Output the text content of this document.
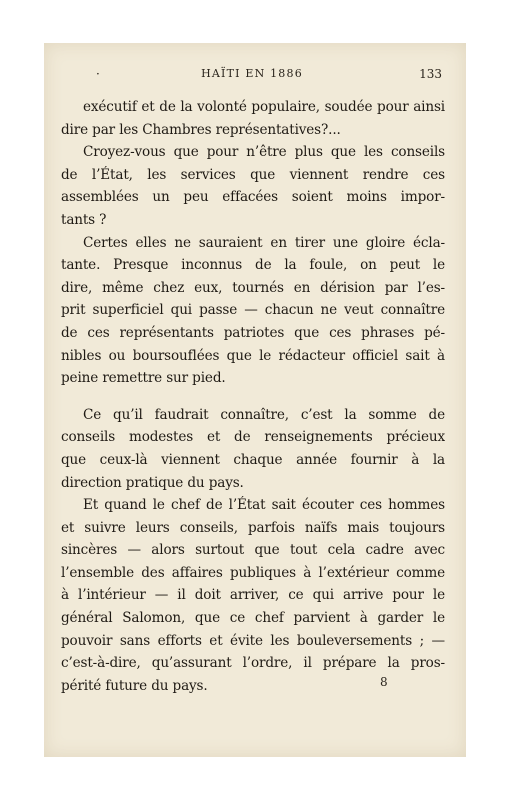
·	HAÏTI EN 1886	133
exécutif et de la volonté populaire, soudée pour ainsi
dire par les Chambres représentatives?...
Croyez-vous que pour n’être plus que les conseils
de l’État, les services que viennent rendre ces
assemblées un peu effacées soient moins impor-
tants ?
Certes elles ne sauraient en tirer une gloire écla-
tante. Presque inconnus de la foule, on peut le
dire, même chez eux, tournés en dérision par l’es-
prit superficiel qui passe — chacun ne veut connaître
de ces représentants patriotes que ces phrases pé-
nibles ou boursouflées que le rédacteur officiel sait à
peine remettre sur pied.
Ce qu’il faudrait connaître, c’est la somme de
conseils modestes et de renseignements précieux
que ceux-là viennent chaque année fournir à la
direction pratique du pays.
Et quand le chef de l’État sait écouter ces hommes
et suivre leurs conseils, parfois naïfs mais toujours
sincères — alors surtout que tout cela cadre avec
l’ensemble des affaires publiques à l’extérieur comme
à l’intérieur — il doit arriver, ce qui arrive pour le
général Salomon, que ce chef parvient à garder le
pouvoir sans efforts et évite les bouleversements ; —
c’est-à-dire, qu’assurant l’ordre, il prépare la pros-
périté future du pays.	8
